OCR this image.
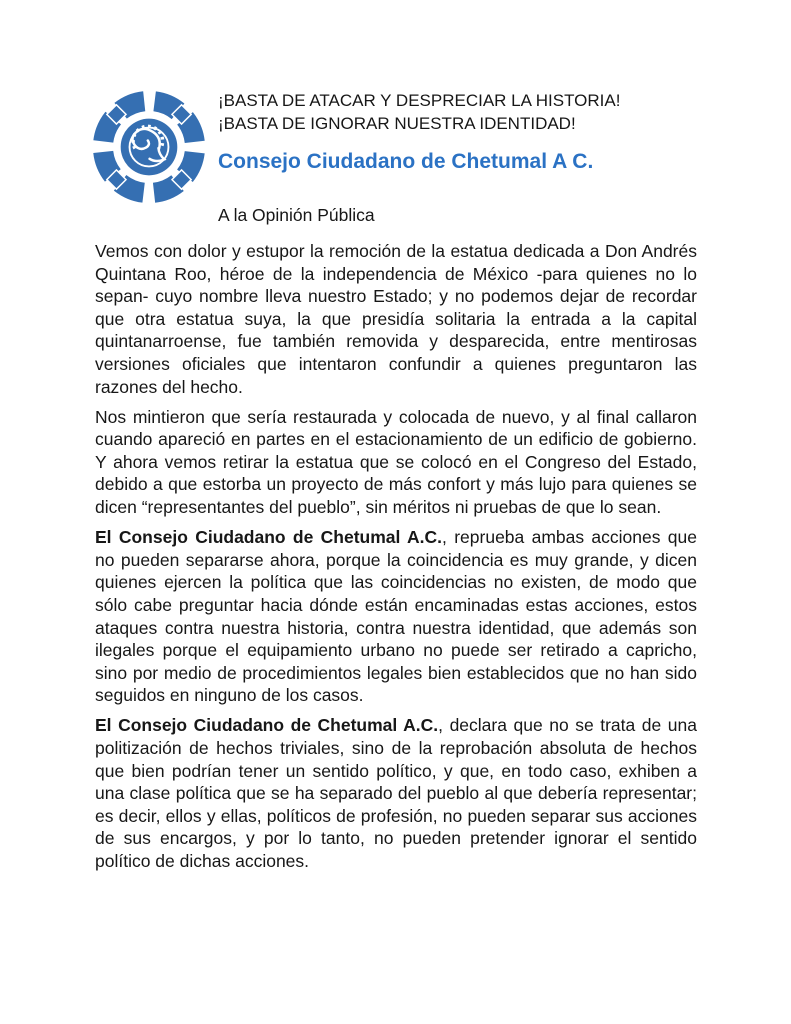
¡BASTA DE ATACAR Y DESPRECIAR LA HISTORIA!
¡BASTA DE IGNORAR NUESTRA IDENTIDAD!
Consejo Ciudadano de Chetumal A C.
A la Opinión Pública

Vemos con dolor y estupor la remoción de la estatua dedicada a Don Andrés Quintana Roo, héroe de la independencia de México -para quienes no lo sepan- cuyo nombre lleva nuestro Estado; y no podemos dejar de recordar que otra estatua suya, la que presidía solitaria la entrada a la capital quintanarroense, fue también removida y desparecida, entre mentirosas versiones oficiales que intentaron confundir a quienes preguntaron las razones del hecho.

Nos mintieron que sería restaurada y colocada de nuevo, y al final callaron cuando apareció en partes en el estacionamiento de un edificio de gobierno. Y ahora vemos retirar la estatua que se colocó en el Congreso del Estado, debido a que estorba un proyecto de más confort y más lujo para quienes se dicen “representantes del pueblo”, sin méritos ni pruebas de que lo sean.

El Consejo Ciudadano de Chetumal A.C., reprueba ambas acciones que no pueden separarse ahora, porque la coincidencia es muy grande, y dicen quienes ejercen la política que las coincidencias no existen, de modo que sólo cabe preguntar hacia dónde están encaminadas estas acciones, estos ataques contra nuestra historia, contra nuestra identidad, que además son ilegales porque el equipamiento urbano no puede ser retirado a capricho, sino por medio de procedimientos legales bien establecidos que no han sido seguidos en ninguno de los casos.

El Consejo Ciudadano de Chetumal A.C., declara que no se trata de una politización de hechos triviales, sino de la reprobación absoluta de hechos que bien podrían tener un sentido político, y que, en todo caso, exhiben a una clase política que se ha separado del pueblo al que debería representar; es decir, ellos y ellas, políticos de profesión, no pueden separar sus acciones de sus encargos, y por lo tanto, no pueden pretender ignorar el sentido político de dichas acciones.
